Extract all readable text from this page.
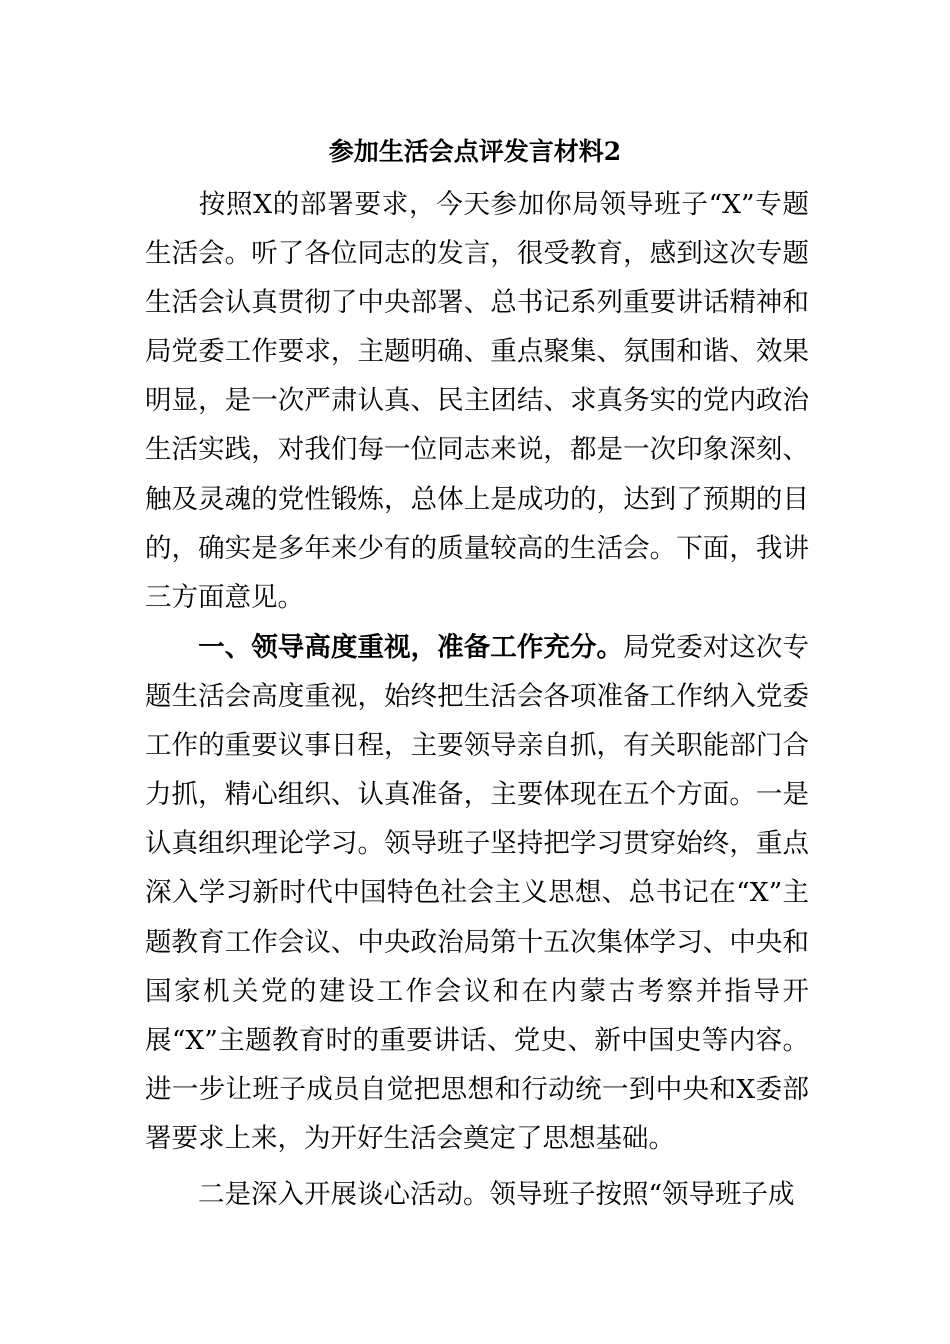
参加生活会点评发言材料2
按照X的部署要求，今天参加你局领导班子“X”专题生活会。听了各位同志的发言，很受教育，感到这次专题生活会认真贯彻了中央部署、总书记系列重要讲话精神和局党委工作要求，主题明确、重点聚集、氛围和谐、效果明显，是一次严肃认真、民主团结、求真务实的党内政治生活实践，对我们每一位同志来说，都是一次印象深刻、触及灵魂的党性锻炼，总体上是成功的，达到了预期的目的，确实是多年来少有的质量较高的生活会。下面，我讲三方面意见。
一、领导高度重视，准备工作充分。局党委对这次专题生活会高度重视，始终把生活会各项准备工作纳入党委工作的重要议事日程，主要领导亲自抓，有关职能部门合力抓，精心组织、认真准备，主要体现在五个方面。一是认真组织理论学习。领导班子坚持把学习贯穿始终，重点深入学习新时代中国特色社会主义思想、总书记在“X”主题教育工作会议、中央政治局第十五次集体学习、中央和国家机关党的建设工作会议和在内蒙古考察并指导开展“X”主题教育时的重要讲话、党史、新中国史等内容。进一步让班子成员自觉把思想和行动统一到中央和X委部署要求上来，为开好生活会奠定了思想基础。
二是深入开展谈心活动。领导班子按照“领导班子成
